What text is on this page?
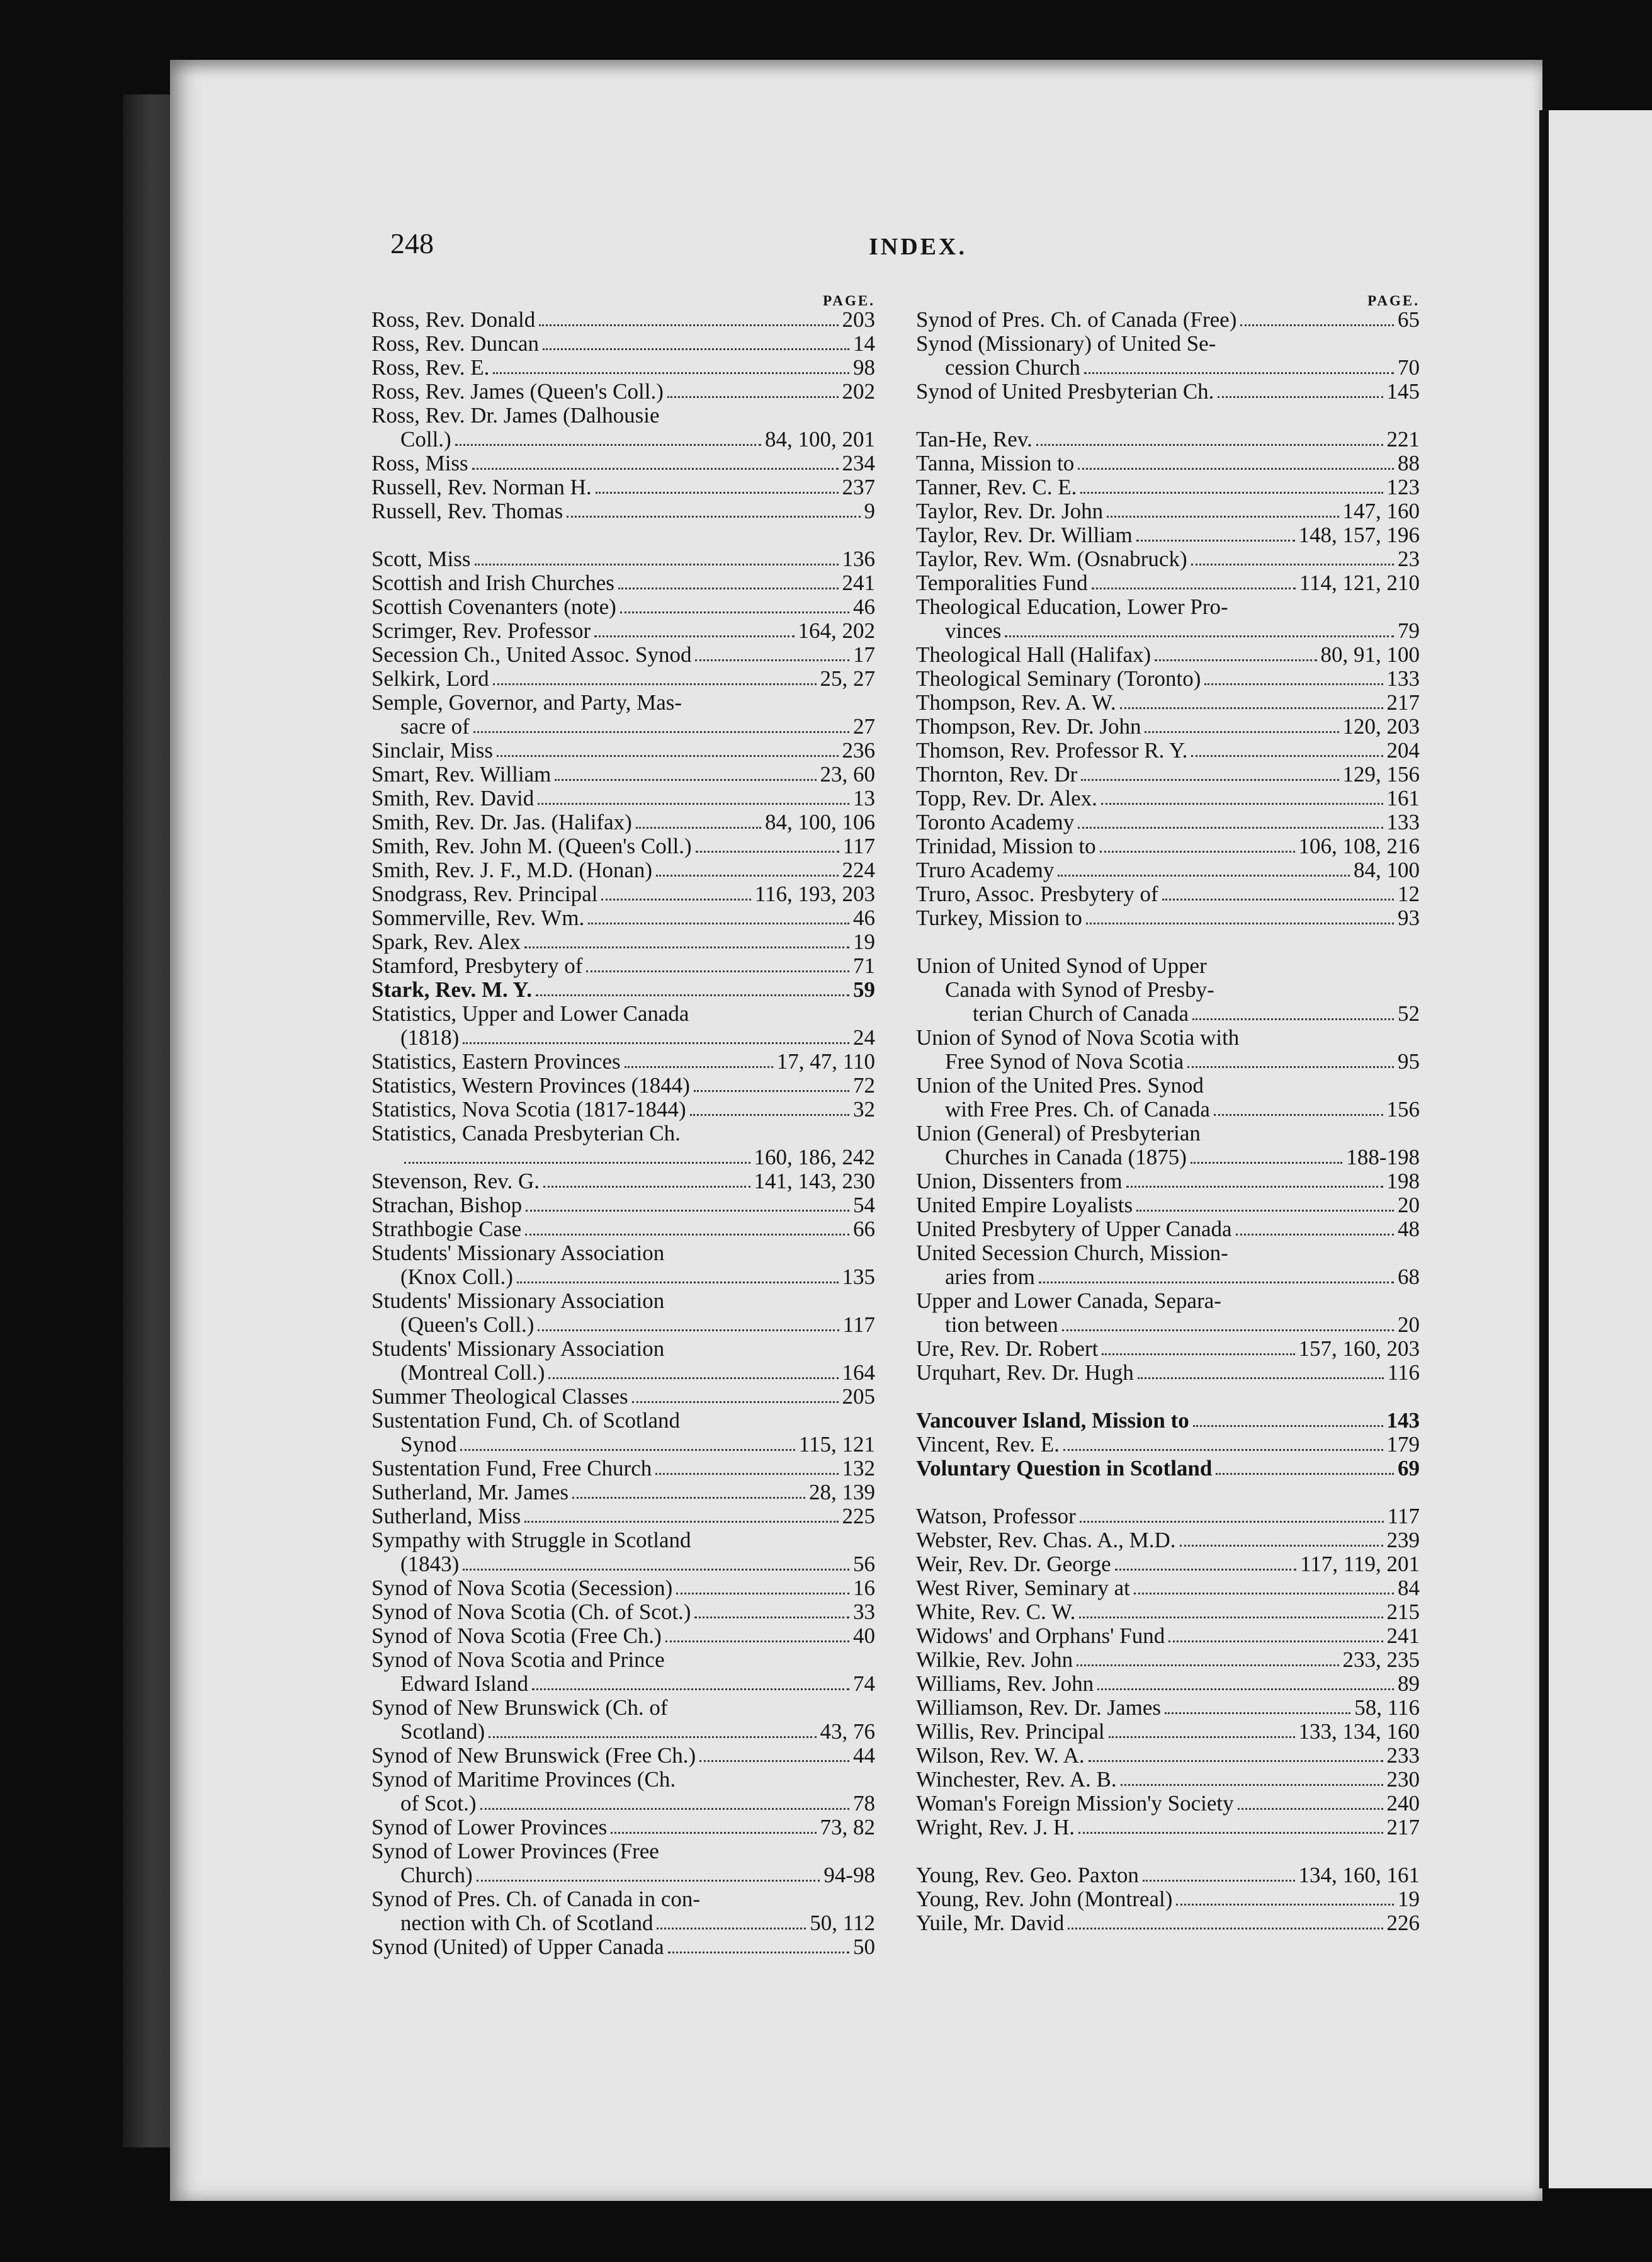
248	INDEX.
PAGE.
Ross, Rev. Donald	203
Ross, Rev. Duncan	14
Ross, Rev. E.	98
Ross, Rev. James (Queen's Coll.)	202
Ross, Rev. Dr. James (Dalhousie
Coll.)	84, 100, 201
Ross, Miss	234
Russell, Rev. Norman H.	237
Russell, Rev. Thomas	9
Scott, Miss	136
Scottish and Irish Churches	241
Scottish Covenanters (note)	46
Scrimger, Rev. Professor	164, 202
Secession Ch., United Assoc. Synod	17
Selkirk, Lord	25, 27
Semple, Governor, and Party, Mas-
sacre of	27
Sinclair, Miss	236
Smart, Rev. William	23, 60
Smith, Rev. David	13
Smith, Rev. Dr. Jas. (Halifax)	84, 100, 106
Smith, Rev. John M. (Queen's Coll.)	117
Smith, Rev. J. F., M.D. (Honan)	224
Snodgrass, Rev. Principal	116, 193, 203
Sommerville, Rev. Wm.	46
Spark, Rev. Alex	19
Stamford, Presbytery of	71
Stark, Rev. M. Y.	59
Statistics, Upper and Lower Canada
(1818)	24
Statistics, Eastern Provinces	17, 47, 110
Statistics, Western Provinces (1844)	72
Statistics, Nova Scotia (1817-1844)	32
Statistics, Canada Presbyterian Ch.
160, 186, 242
Stevenson, Rev. G.	141, 143, 230
Strachan, Bishop	54
Strathbogie Case	66
Students' Missionary Association
(Knox Coll.)	135
Students' Missionary Association
(Queen's Coll.)	117
Students' Missionary Association
(Montreal Coll.)	164
Summer Theological Classes	205
Sustentation Fund, Ch. of Scotland
Synod	115, 121
Sustentation Fund, Free Church	132
Sutherland, Mr. James	28, 139
Sutherland, Miss	225
Sympathy with Struggle in Scotland
(1843)	56
Synod of Nova Scotia (Secession)	16
Synod of Nova Scotia (Ch. of Scot.)	33
Synod of Nova Scotia (Free Ch.)	40
Synod of Nova Scotia and Prince
Edward Island	74
Synod of New Brunswick (Ch. of
Scotland)	43, 76
Synod of New Brunswick (Free Ch.)	44
Synod of Maritime Provinces (Ch.
of Scot.)	78
Synod of Lower Provinces	73, 82
Synod of Lower Provinces (Free
Church)	94-98
Synod of Pres. Ch. of Canada in con-
nection with Ch. of Scotland	50, 112
Synod (United) of Upper Canada	50
PAGE.
Synod of Pres. Ch. of Canada (Free)	65
Synod (Missionary) of United Se-
cession Church	70
Synod of United Presbyterian Ch.	145
Tan-He, Rev.	221
Tanna, Mission to	88
Tanner, Rev. C. E.	123
Taylor, Rev. Dr. John	147, 160
Taylor, Rev. Dr. William	148, 157, 196
Taylor, Rev. Wm. (Osnabruck)	23
Temporalities Fund	114, 121, 210
Theological Education, Lower Pro-
vinces	79
Theological Hall (Halifax)	80, 91, 100
Theological Seminary (Toronto)	133
Thompson, Rev. A. W.	217
Thompson, Rev. Dr. John	120, 203
Thomson, Rev. Professor R. Y.	204
Thornton, Rev. Dr	129, 156
Topp, Rev. Dr. Alex.	161
Toronto Academy	133
Trinidad, Mission to	106, 108, 216
Truro Academy	84, 100
Truro, Assoc. Presbytery of	12
Turkey, Mission to	93
Union of United Synod of Upper
Canada with Synod of Presby-
terian Church of Canada	52
Union of Synod of Nova Scotia with
Free Synod of Nova Scotia	95
Union of the United Pres. Synod
with Free Pres. Ch. of Canada	156
Union (General) of Presbyterian
Churches in Canada (1875)	188-198
Union, Dissenters from	198
United Empire Loyalists	20
United Presbytery of Upper Canada	48
United Secession Church, Mission-
aries from	68
Upper and Lower Canada, Separa-
tion between	20
Ure, Rev. Dr. Robert	157, 160, 203
Urquhart, Rev. Dr. Hugh	116
Vancouver Island, Mission to	143
Vincent, Rev. E.	179
Voluntary Question in Scotland	69
Watson, Professor	117
Webster, Rev. Chas. A., M.D.	239
Weir, Rev. Dr. George	117, 119, 201
West River, Seminary at	84
White, Rev. C. W.	215
Widows' and Orphans' Fund	241
Wilkie, Rev. John	233, 235
Williams, Rev. John	89
Williamson, Rev. Dr. James	58, 116
Willis, Rev. Principal	133, 134, 160
Wilson, Rev. W. A.	233
Winchester, Rev. A. B.	230
Woman's Foreign Mission'y Society	240
Wright, Rev. J. H.	217
Young, Rev. Geo. Paxton	134, 160, 161
Young, Rev. John (Montreal)	19
Yuile, Mr. David	226
